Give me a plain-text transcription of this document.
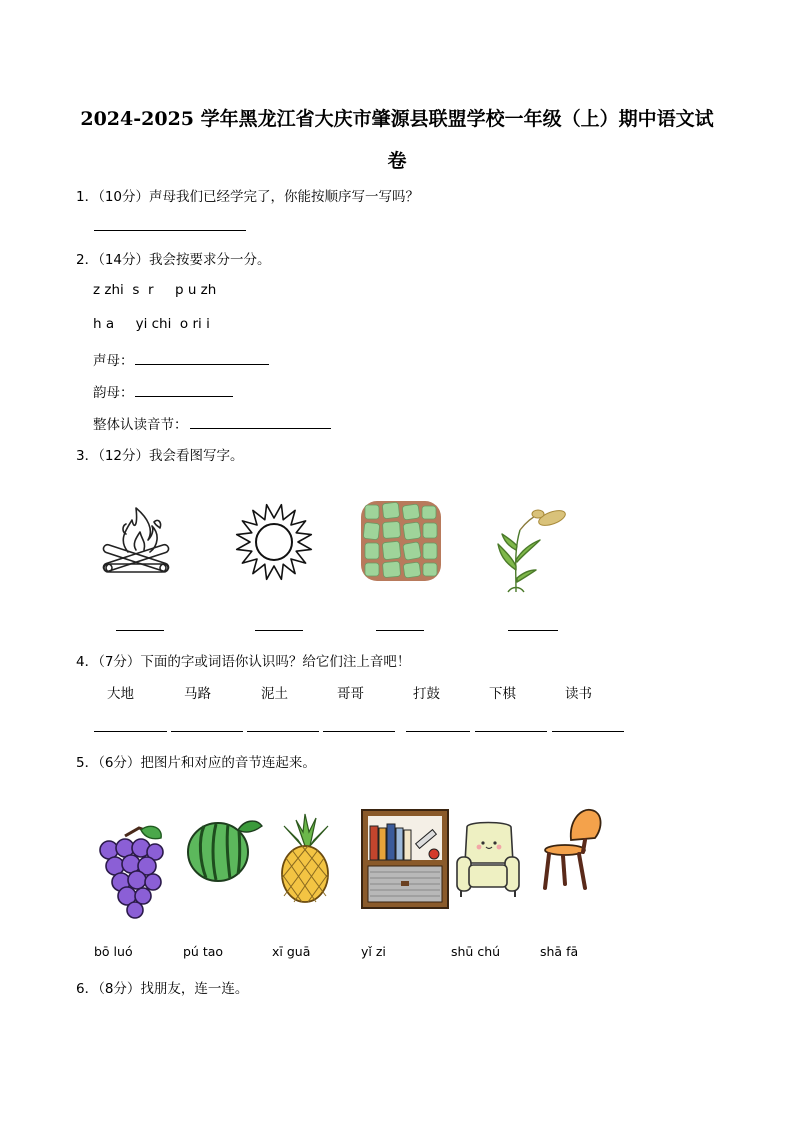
2024-2025 学年黑龙江省大庆市肇源县联盟学校一年级（上）期中语文试
卷
1．（10分）声母我们已经学完了，你能按顺序写一写吗？
2．（14分）我会按要求分一分。
z zhi  s  r     p u zh
h a     yi chi  o ri i
声母：
韵母：
整体认读音节：
3．（12分）我会看图写字。
4．（7分）下面的字或词语你认识吗？给它们注上音吧！
大地	马路	泥土	哥哥	打鼓	下棋	读书
5．（6分）把图片和对应的音节连起来。
bō luó	pú tao	xī guā	yǐ zi	shū chú	shā fā
6．（8分）找朋友，连一连。
